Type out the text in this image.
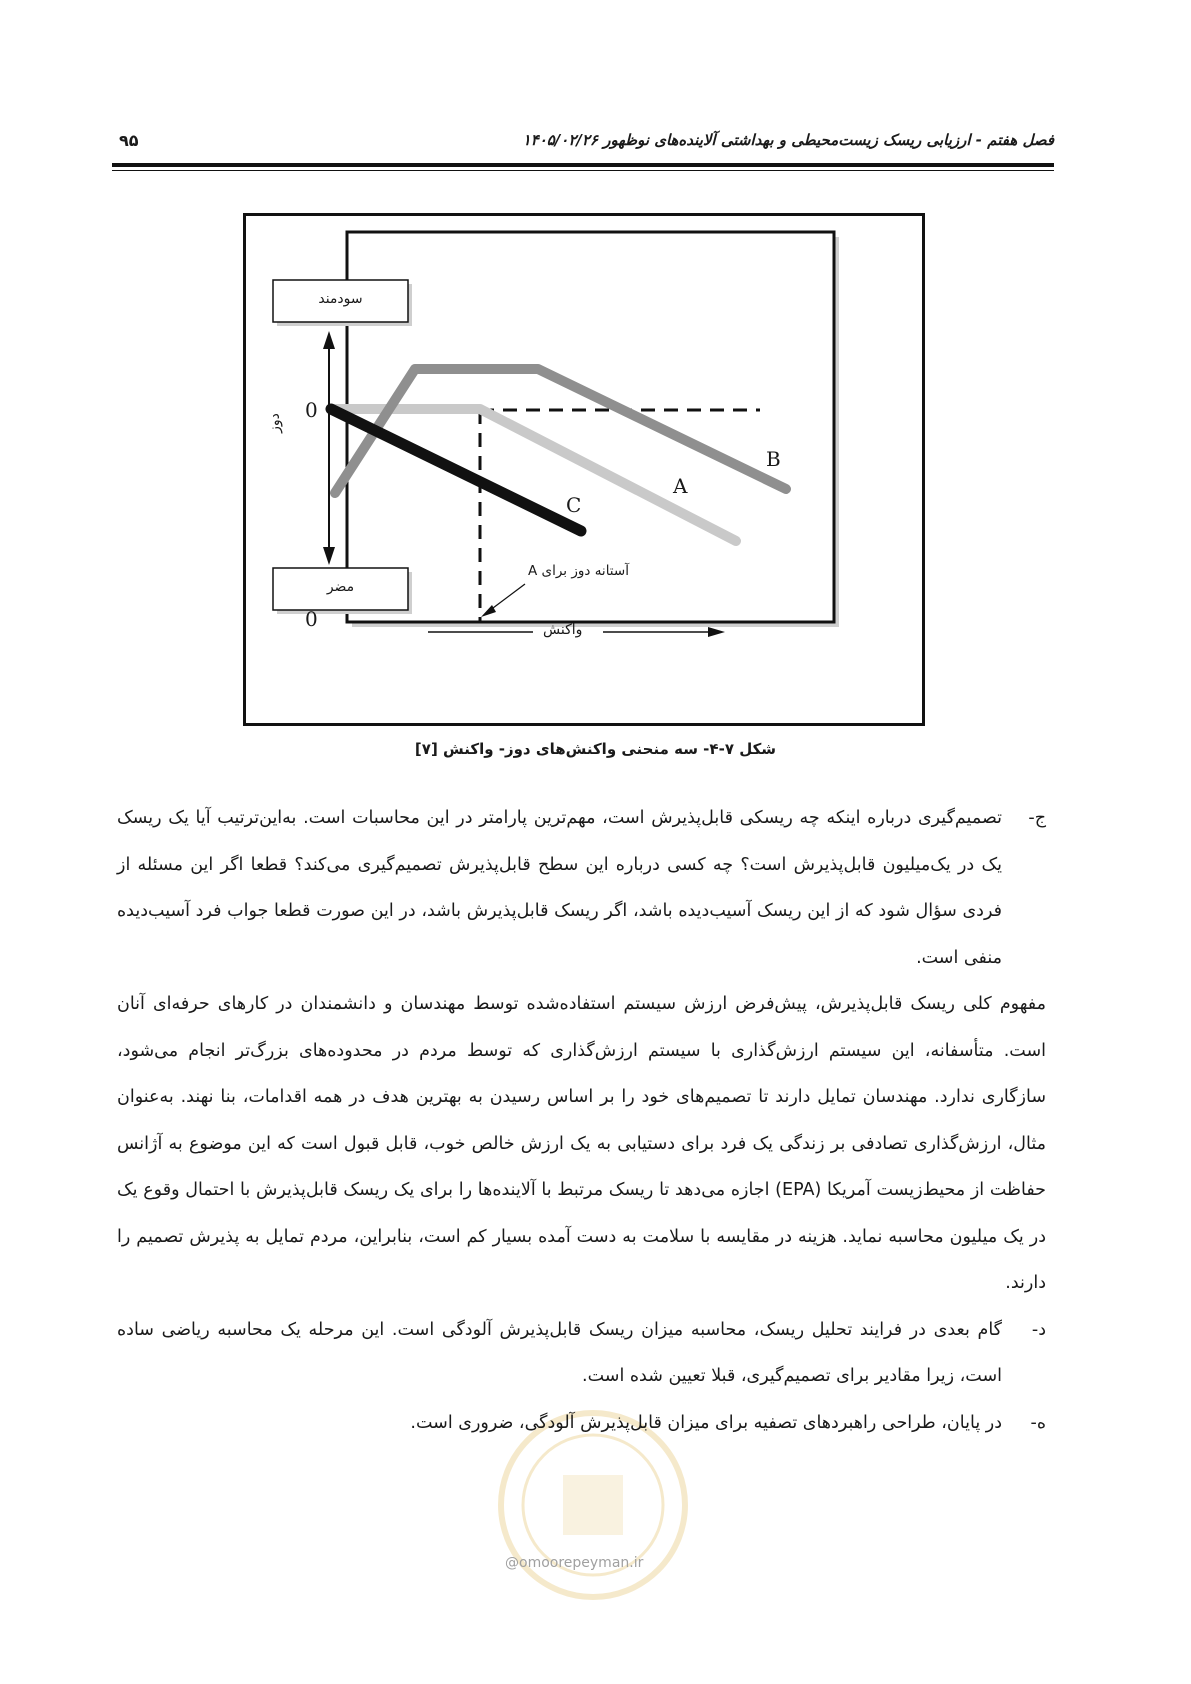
۹۵	فصل هفتم - ارزیابی ریسک زیست‌محیطی و بهداشتی آلاینده‌های نوظهور ۱۴۰۵/۰۲/۲۶
سودمند
مضر
دوز
0
0	واکنش
آستانه دوز برای A
A
B
C
شکل ۷-۴- سه منحنی واکنش‌های دوز- واکنش [۷]
@omoorepeyman.ir
ج-

تصمیم‌گیری درباره اینکه چه ریسکی قابل‌پذیرش است، مهم‌ترین پارامتر در این محاسبات است. به‌این‌ترتیب آیا یک ریسک یک در یک‌میلیون قابل‌پذیرش است؟ چه کسی درباره این سطح قابل‌پذیرش تصمیم‌گیری می‌کند؟ قطعا اگر این مسئله از فردی سؤال شود که از این ریسک آسیب‌دیده باشد، اگر ریسک قابل‌پذیرش باشد، در این صورت قطعا جواب فرد آسیب‌دیده منفی است.

مفهوم کلی ریسک قابل‌پذیرش، پیش‌فرض ارزش سیستم استفاده‌شده توسط مهندسان و دانشمندان در کارهای حرفه‌ای آنان است. متأسفانه، این سیستم ارزش‌گذاری با سیستم ارزش‌گذاری که توسط مردم در محدوده‌های بزرگ‌تر انجام می‌شود، سازگاری ندارد. مهندسان تمایل دارند تا تصمیم‌های خود را بر اساس رسیدن به بهترین هدف در همه اقدامات، بنا نهند. به‌عنوان مثال، ارزش‌گذاری تصادفی بر زندگی یک فرد برای دستیابی به یک ارزش خالص خوب، قابل قبول است که این موضوع به آژانس حفاظت از محیط‌زیست آمریکا (EPA) اجازه می‌دهد تا ریسک مرتبط با آلاینده‌ها را برای یک ریسک قابل‌پذیرش با احتمال وقوع یک در یک میلیون محاسبه نماید. هزینه در مقایسه با سلامت به دست آمده بسیار کم است، بنابراین، مردم تمایل به پذیرش تصمیم را دارند.

د-

گام بعدی در فرایند تحلیل ریسک، محاسبه میزان ریسک قابل‌پذیرش آلودگی است. این مرحله یک محاسبه ریاضی ساده است، زیرا مقادیر برای تصمیم‌گیری، قبلا تعیین شده است.

ه-

در پایان، طراحی راهبردهای تصفیه برای میزان قابل‌پذیرش آلودگی، ضروری است.
